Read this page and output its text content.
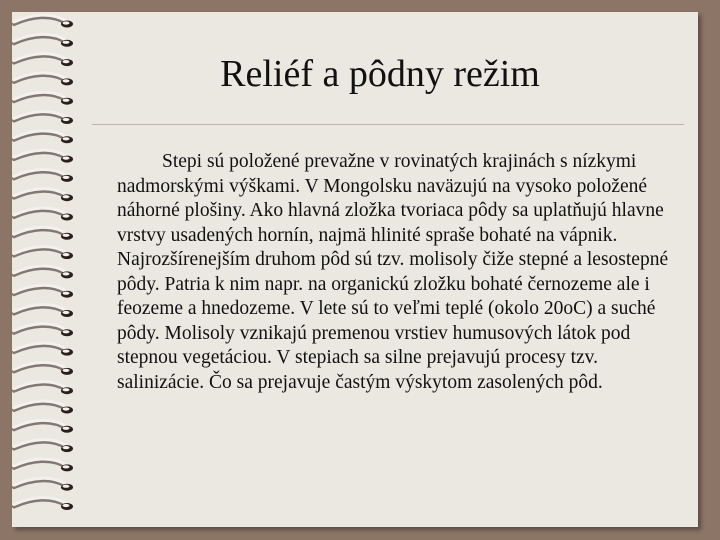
Reliéf a pôdny režim

Stepi sú položené prevažne v rovinatých krajinách s nízkymi nadmorskými výškami. V Mongolsku naväzujú na vysoko položené náhorné plošiny. Ako hlavná zložka tvoriaca pôdy sa uplatňujú hlavne vrstvy usadených hornín, najmä hlinité spraše bohaté na vápnik. Najrozšírenejším druhom pôd sú tzv. molisoly čiže stepné a lesostepné pôdy. Patria k nim napr. na organickú zložku bohaté černozeme ale i feozeme a hnedozeme. V lete sú to veľmi teplé (okolo 20oC) a suché pôdy. Molisoly vznikajú premenou vrstiev humusových látok pod stepnou vegetáciou. V stepiach sa silne prejavujú procesy tzv. salinizácie. Čo sa prejavuje častým výskytom zasolených pôd.
